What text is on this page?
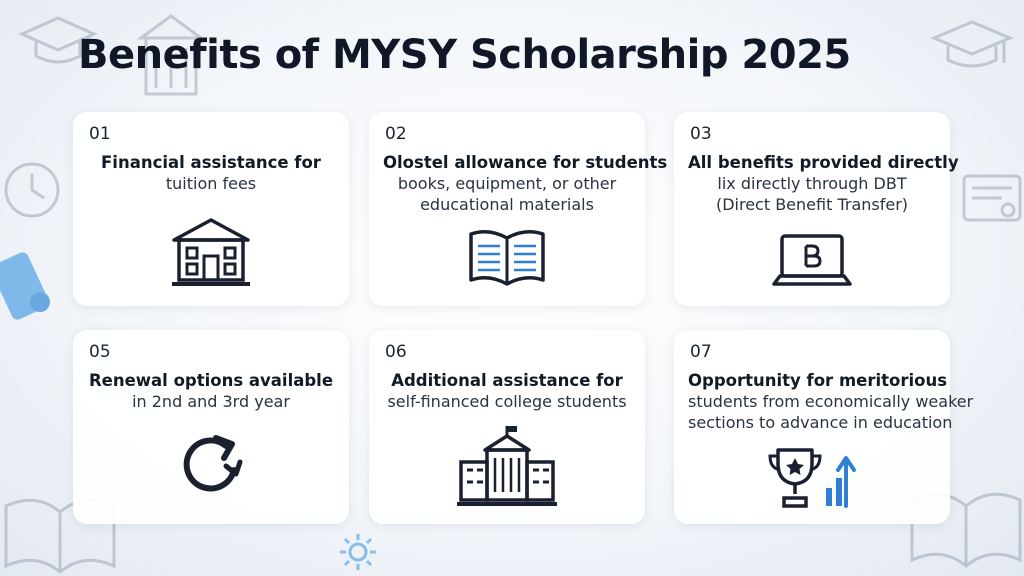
Benefits of MYSY Scholarship 2025
01
Financial assistance for
tuition fees
02
Olostel allowance for students
books, equipment, or other
educational materials
03
All benefits provided directly
lix directly through DBT
(Direct Benefit Transfer)
05
Renewal options available
in 2nd and 3rd year
06
Additional assistance for
self-financed college students
07
Opportunity for meritorious
students from economically weaker
sections to advance in education
